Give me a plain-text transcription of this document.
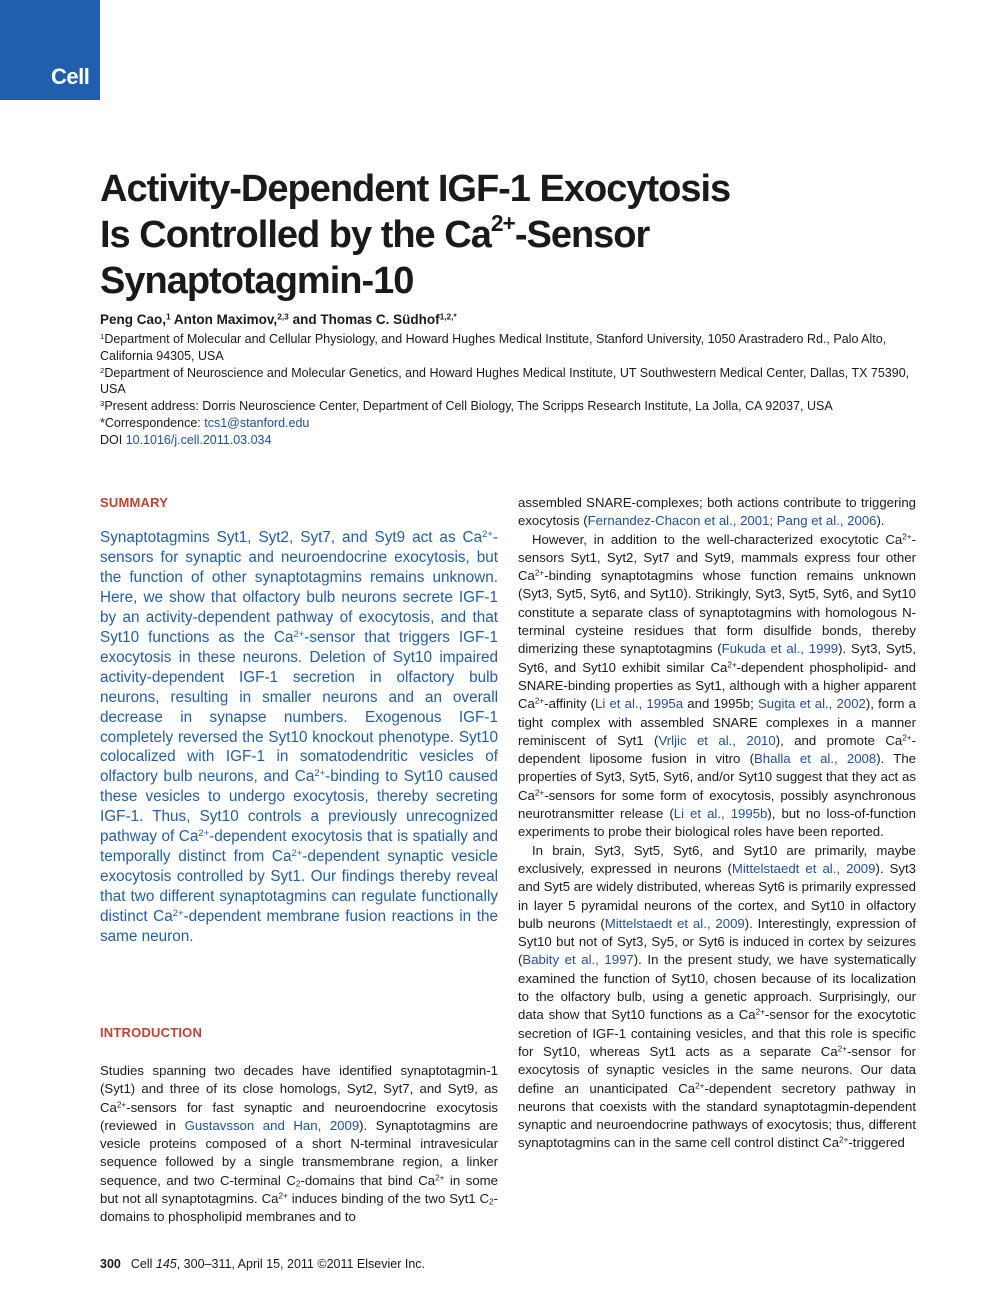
Cell
Activity-Dependent IGF-1 Exocytosis
Is Controlled by the $Ca^{2+}$-Sensor
Synaptotagmin-10
Peng Cao,$^1$ Anton Maximov,$^{2,3}$ and Thomas C. Südhof$^{1,2,*}$
$^1$Department of Molecular and Cellular Physiology, and Howard Hughes Medical Institute, Stanford University, 1050 Arastradero Rd., Palo Alto, California 94305, USA
$^2$Department of Neuroscience and Molecular Genetics, and Howard Hughes Medical Institute, UT Southwestern Medical Center, Dallas, TX 75390, USA
$^3$Present address: Dorris Neuroscience Center, Department of Cell Biology, The Scripps Research Institute, La Jolla, CA 92037, USA
*Correspondence: tcs1@stanford.edu
DOI 10.1016/j.cell.2011.03.034
SUMMARY

Synaptotagmins Syt1, Syt2, Syt7, and Syt9 act as $Ca^{2+}$-sensors for synaptic and neuroendocrine exocytosis, but the function of other synaptotagmins remains unknown. Here, we show that olfactory bulb neurons secrete IGF-1 by an activity-dependent pathway of exocytosis, and that Syt10 functions as the $Ca^{2+}$-sensor that triggers IGF-1 exocytosis in these neurons. Deletion of Syt10 impaired activity-dependent IGF-1 secretion in olfactory bulb neurons, resulting in smaller neurons and an overall decrease in synapse numbers. Exogenous IGF-1 completely reversed the Syt10 knockout phenotype. Syt10 colocalized with IGF-1 in somatodendritic vesicles of olfactory bulb neurons, and $Ca^{2+}$-binding to Syt10 caused these vesicles to undergo exocytosis, thereby secreting IGF-1. Thus, Syt10 controls a previously unrecognized pathway of $Ca^{2+}$-dependent exocytosis that is spatially and temporally distinct from $Ca^{2+}$-dependent synaptic vesicle exocytosis controlled by Syt1. Our findings thereby reveal that two different synaptotagmins can regulate functionally distinct $Ca^{2+}$-dependent membrane fusion reactions in the same neuron.

INTRODUCTION

Studies spanning two decades have identified synaptotagmin-1 (Syt1) and three of its close homologs, Syt2, Syt7, and Syt9, as $Ca^{2+}$-sensors for fast synaptic and neuroendocrine exocytosis (reviewed in Gustavsson and Han, 2009). Synaptotagmins are vesicle proteins composed of a short N-terminal intravesicular sequence followed by a single transmembrane region, a linker sequence, and two C-terminal $C_2$-domains that bind $Ca^{2+}$ in some but not all synaptotagmins. $Ca^{2+}$ induces binding of the two Syt1 $C_2$-domains to phospholipid membranes and to

assembled SNARE-complexes; both actions contribute to triggering exocytosis (Fernandez-Chacon et al., 2001; Pang et al., 2006).

However, in addition to the well-characterized exocytotic $Ca^{2+}$-sensors Syt1, Syt2, Syt7 and Syt9, mammals express four other $Ca^{2+}$-binding synaptotagmins whose function remains unknown (Syt3, Syt5, Syt6, and Syt10). Strikingly, Syt3, Syt5, Syt6, and Syt10 constitute a separate class of synaptotagmins with homologous N-terminal cysteine residues that form disulfide bonds, thereby dimerizing these synaptotagmins (Fukuda et al., 1999). Syt3, Syt5, Syt6, and Syt10 exhibit similar $Ca^{2+}$-dependent phospholipid- and SNARE-binding properties as Syt1, although with a higher apparent $Ca^{2+}$-affinity (Li et al., 1995a and 1995b; Sugita et al., 2002), form a tight complex with assembled SNARE complexes in a manner reminiscent of Syt1 (Vrljic et al., 2010), and promote $Ca^{2+}$-dependent liposome fusion in vitro (Bhalla et al., 2008). The properties of Syt3, Syt5, Syt6, and/or Syt10 suggest that they act as $Ca^{2+}$-sensors for some form of exocytosis, possibly asynchronous neurotransmitter release (Li et al., 1995b), but no loss-of-function experiments to probe their biological roles have been reported.

In brain, Syt3, Syt5, Syt6, and Syt10 are primarily, maybe exclusively, expressed in neurons (Mittelstaedt et al., 2009). Syt3 and Syt5 are widely distributed, whereas Syt6 is primarily expressed in layer 5 pyramidal neurons of the cortex, and Syt10 in olfactory bulb neurons (Mittelstaedt et al., 2009). Interestingly, expression of Syt10 but not of Syt3, Sy5, or Syt6 is induced in cortex by seizures (Babity et al., 1997). In the present study, we have systematically examined the function of Syt10, chosen because of its localization to the olfactory bulb, using a genetic approach. Surprisingly, our data show that Syt10 functions as a $Ca^{2+}$-sensor for the exocytotic secretion of IGF-1 containing vesicles, and that this role is specific for Syt10, whereas Syt1 acts as a separate $Ca^{2+}$-sensor for exocytosis of synaptic vesicles in the same neurons. Our data define an unanticipated $Ca^{2+}$-dependent secretory pathway in neurons that coexists with the standard synaptotagmin-dependent synaptic and neuroendocrine pathways of exocytosis; thus, different synaptotagmins can in the same cell control distinct $Ca^{2+}$-triggered

300 Cell 145, 300–311, April 15, 2011 ©2011 Elsevier Inc.
